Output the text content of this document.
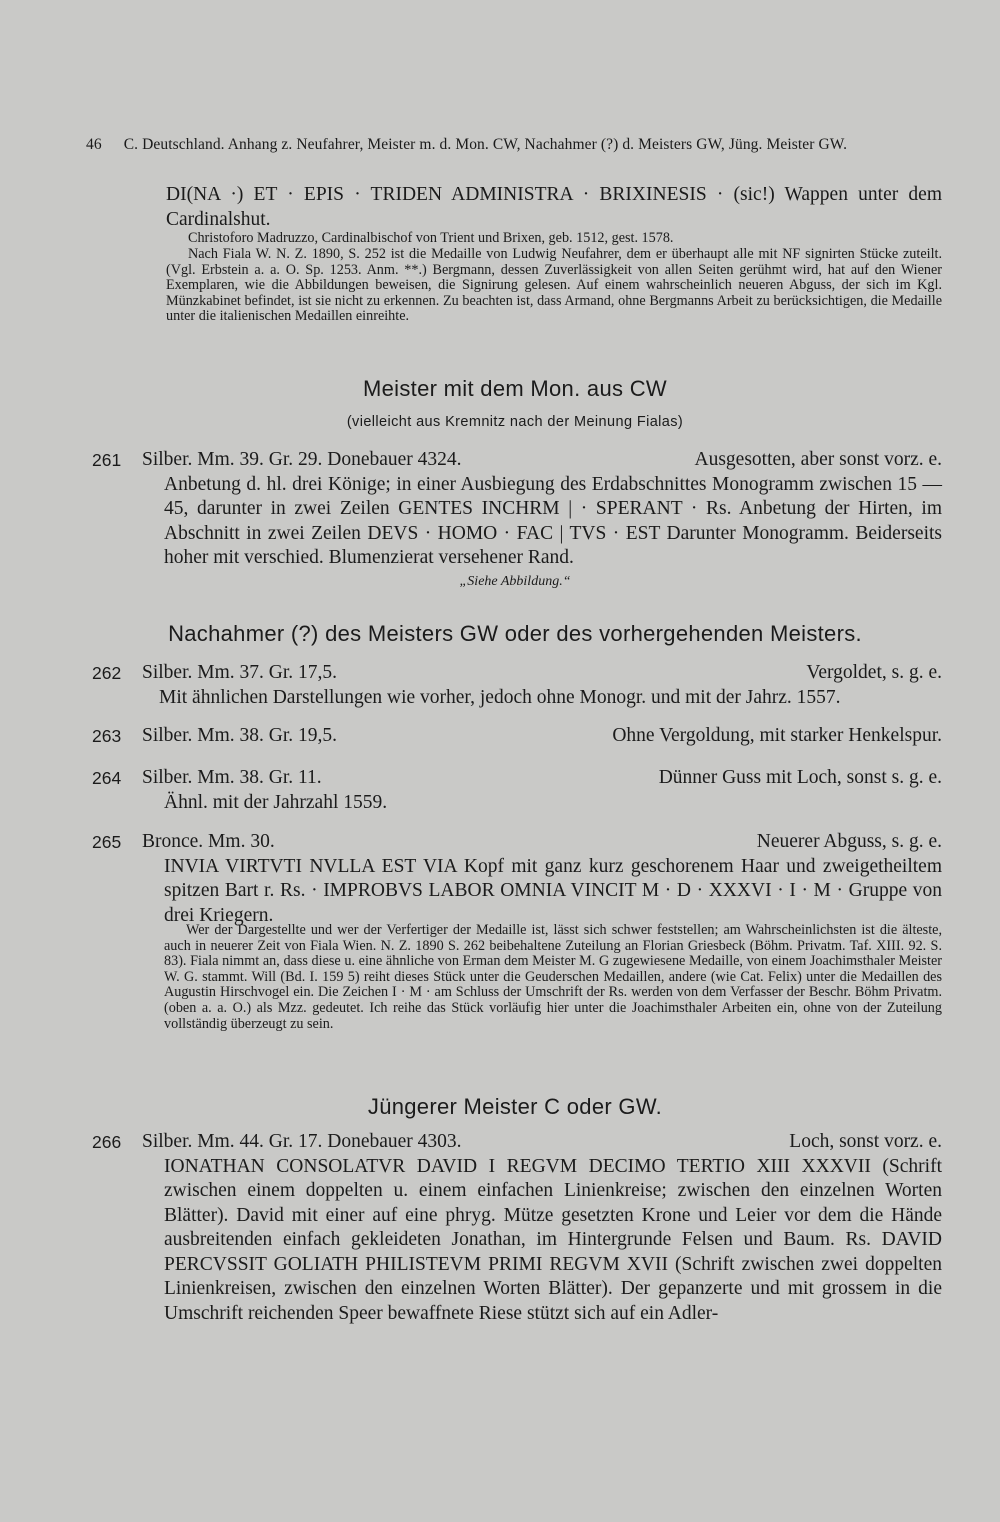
46 C. Deutschland. Anhang z. Neufahrer, Meister m. d. Mon. CW, Nachahmer (?) d. Meisters GW, Jüng. Meister GW.
DI(NA ·) ET · EPIS · TRIDEN ADMINISTRA · BRIXINESIS · (sic!) Wappen unter dem Cardinalshut.
Christoforo Madruzzo, Cardinalbischof von Trient und Brixen, geb. 1512, gest. 1578.
Nach Fiala W. N. Z. 1890, S. 252 ist die Medaille von Ludwig Neufahrer, dem er überhaupt alle mit NF signirten Stücke zuteilt. (Vgl. Erbstein a. a. O. Sp. 1253. Anm. **.) Bergmann, dessen Zuverlässigkeit von allen Seiten gerühmt wird, hat auf den Wiener Exemplaren, wie die Abbildungen beweisen, die Signirung gelesen. Auf einem wahrscheinlich neueren Abguss, der sich im Kgl. Münzkabinet befindet, ist sie nicht zu erkennen. Zu beachten ist, dass Armand, ohne Bergmanns Arbeit zu berücksichtigen, die Medaille unter die italienischen Medaillen einreihte.
Meister mit dem Mon. aus CW
(vielleicht aus Kremnitz nach der Meinung Fialas)
261	Silber. Mm. 39. Gr. 29. Donebauer 4324.	Ausgesotten, aber sonst vorz. e.
Anbetung d. hl. drei Könige; in einer Ausbiegung des Erdabschnittes Monogramm zwischen 15 — 45, darunter in zwei Zeilen GENTES INCHRM | · SPERANT · Rs. Anbetung der Hirten, im Abschnitt in zwei Zeilen DEVS · HOMO · FAC | TVS · EST Darunter Monogramm. Beiderseits hoher mit verschied. Blumenzierat versehener Rand.
„Siehe Abbildung.“
Nachahmer (?) des Meisters GW oder des vorhergehenden Meisters.
262	Silber. Mm. 37. Gr. 17,5.	Vergoldet, s. g. e.
Mit ähnlichen Darstellungen wie vorher, jedoch ohne Monogr. und mit der Jahrz. 1557.
263	Silber. Mm. 38. Gr. 19,5.	Ohne Vergoldung, mit starker Henkelspur.
264	Silber. Mm. 38. Gr. 11.	Dünner Guss mit Loch, sonst s. g. e.
Ähnl. mit der Jahrzahl 1559.
265	Bronce. Mm. 30.	Neuerer Abguss, s. g. e.
INVIA VIRTVTI NVLLA EST VIA Kopf mit ganz kurz geschorenem Haar und zweigetheiltem spitzen Bart r. Rs. · IMPROBVS LABOR OMNIA VINCIT M · D · XXXVI · I · M · Gruppe von drei Kriegern.
Wer der Dargestellte und wer der Verfertiger der Medaille ist, lässt sich schwer feststellen; am Wahrscheinlichsten ist die älteste, auch in neuerer Zeit von Fiala Wien. N. Z. 1890 S. 262 beibehaltene Zuteilung an Florian Griesbeck (Böhm. Privatm. Taf. XIII. 92. S. 83). Fiala nimmt an, dass diese u. eine ähnliche von Erman dem Meister M. G zugewiesene Medaille, von einem Joachimsthaler Meister W. G. stammt. Will (Bd. I. 159 5) reiht dieses Stück unter die Geuderschen Medaillen, andere (wie Cat. Felix) unter die Medaillen des Augustin Hirschvogel ein. Die Zeichen I · M · am Schluss der Umschrift der Rs. werden von dem Verfasser der Beschr. Böhm Privatm. (oben a. a. O.) als Mzz. gedeutet. Ich reihe das Stück vorläufig hier unter die Joachimsthaler Arbeiten ein, ohne von der Zuteilung vollständig überzeugt zu sein.
Jüngerer Meister C oder GW.
266	Silber. Mm. 44. Gr. 17. Donebauer 4303.	Loch, sonst vorz. e.
IONATHAN CONSOLATVR DAVID I REGVM DECIMO TERTIO XIII XXXVII (Schrift zwischen einem doppelten u. einem einfachen Linienkreise; zwischen den einzelnen Worten Blätter). David mit einer auf eine phryg. Mütze gesetzten Krone und Leier vor dem die Hände ausbreitenden einfach gekleideten Jonathan, im Hintergrunde Felsen und Baum. Rs. DAVID PERCVSSIT GOLIATH PHILISTEVM PRIMI REGVM XVII (Schrift zwischen zwei doppelten Linienkreisen, zwischen den einzelnen Worten Blätter). Der gepanzerte und mit grossem in die Umschrift reichenden Speer bewaffnete Riese stützt sich auf ein Adler-
